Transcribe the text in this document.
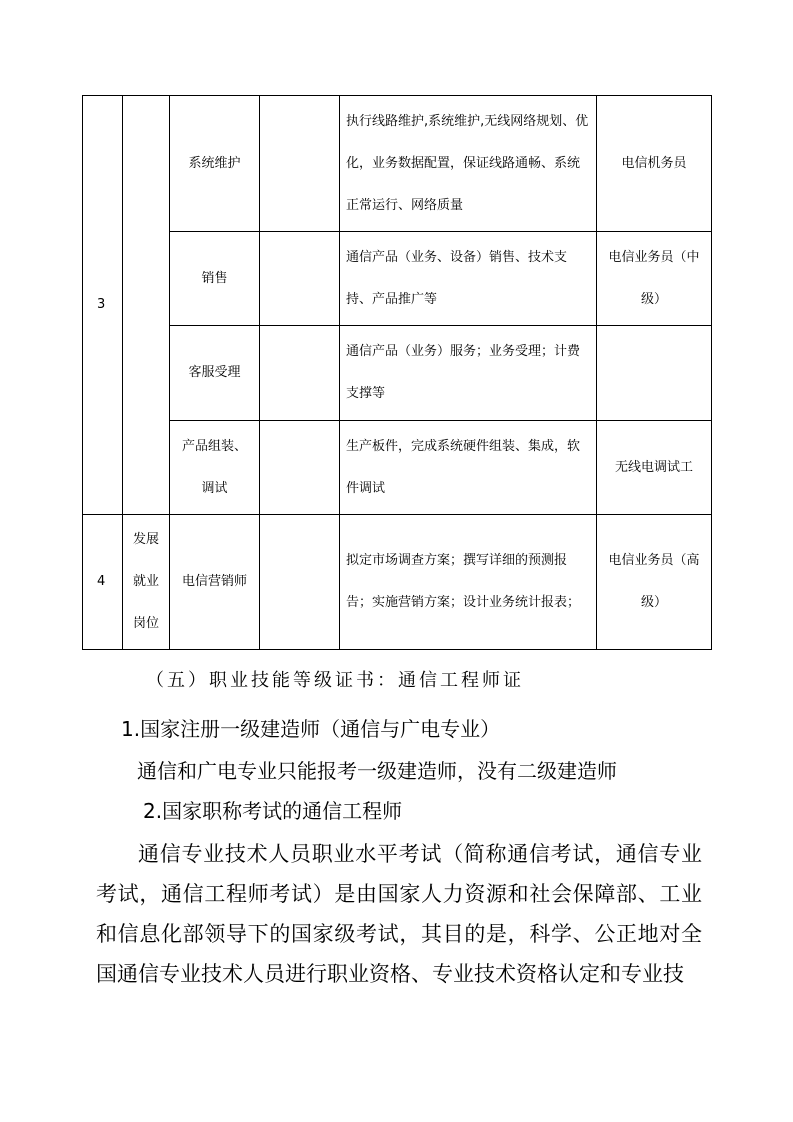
3		系统维护		执行线路维护,系统维护,无线网络规划、优化，业务数据配置，保证线路通畅、系统正常运行、网络质量	电信机务员
		销售		通信产品（业务、设备）销售、技术支持、产品推广等	电信业务员（中级）
		客服受理		通信产品（业务）服务；业务受理；计费支撑等	
		产品组装、调试		生产板件，完成系统硬件组装、集成，软件调试	无线电调试工
4	发展就业岗位	电信营销师		拟定市场调查方案；撰写详细的预测报告；实施营销方案；设计业务统计报表；	电信业务员（高级）
（五）职业技能等级证书：通信工程师证
1.国家注册一级建造师（通信与广电专业）
通信和广电专业只能报考一级建造师，没有二级建造师
2.国家职称考试的通信工程师
通信专业技术人员职业水平考试（简称通信考试，通信专业考试，通信工程师考试）是由国家人力资源和社会保障部、工业和信息化部领导下的国家级考试，其目的是，科学、公正地对全国通信专业技术人员进行职业资格、专业技术资格认定和专业技
